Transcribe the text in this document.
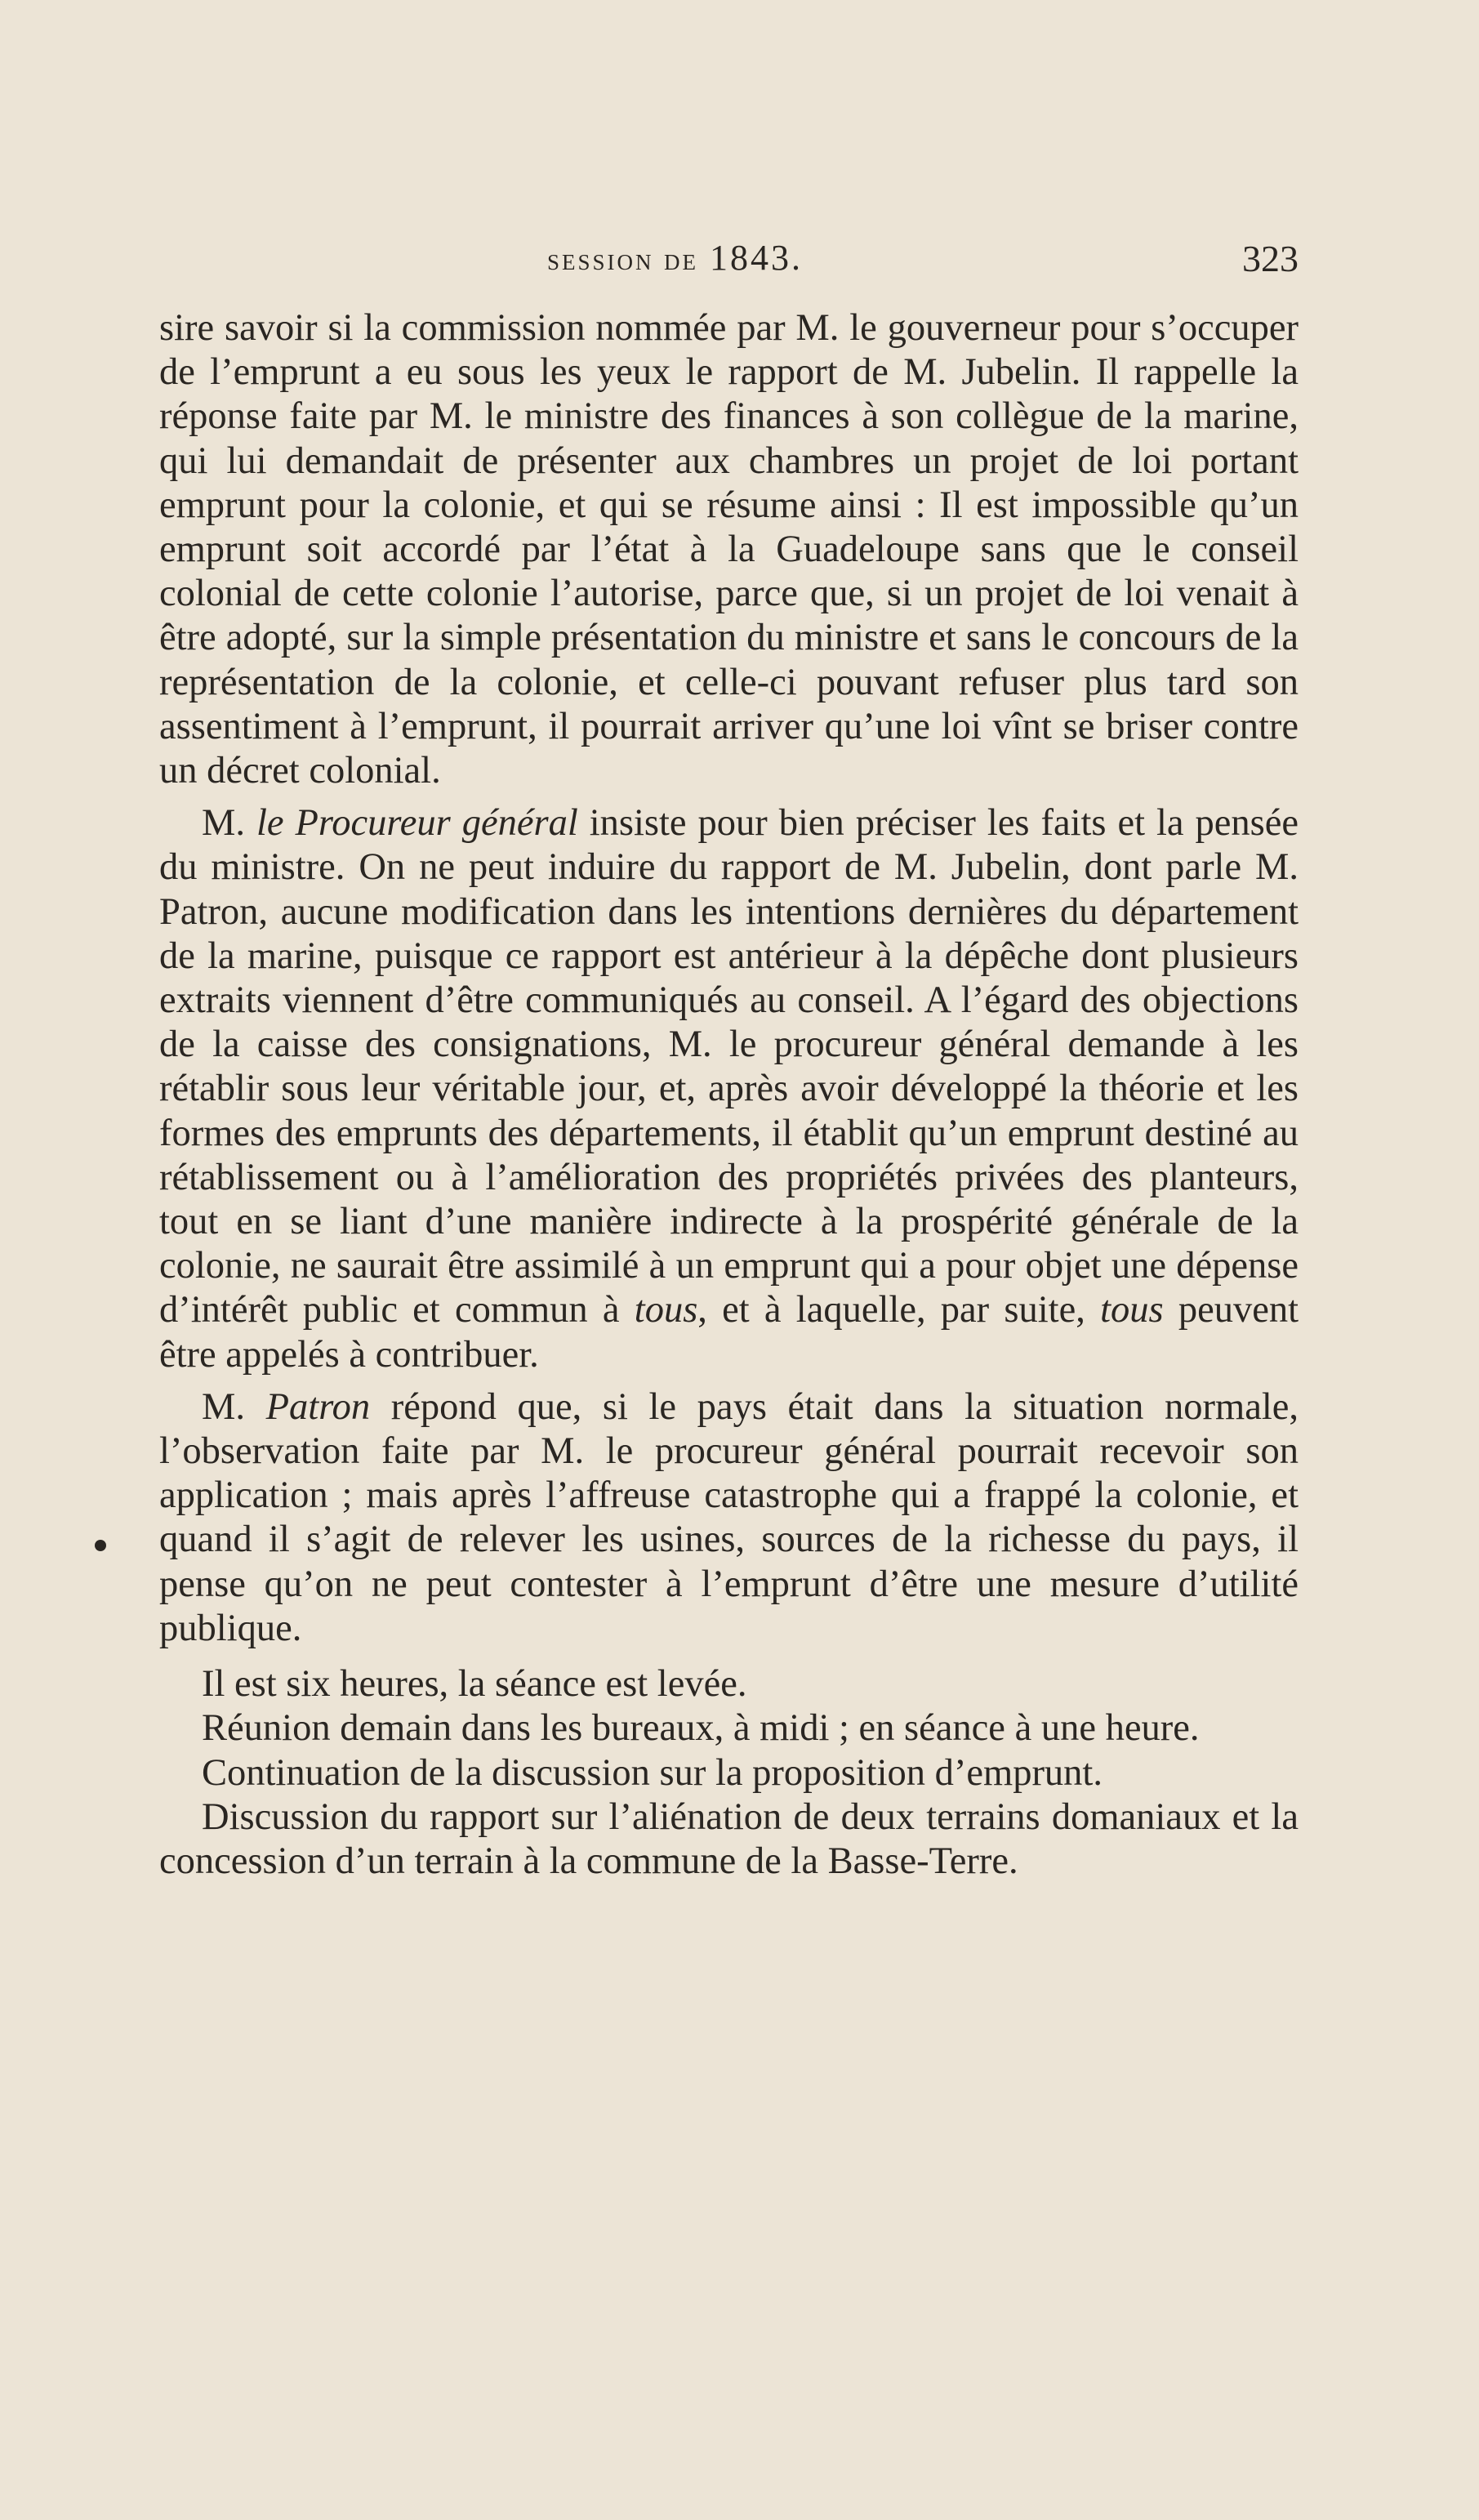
session de 1843.	323

sire savoir si la commission nommée par M. le gouverneur pour s’occuper de l’emprunt a eu sous les yeux le rapport de M. Jubelin. Il rappelle la réponse faite par M. le ministre des finances à son collègue de la marine, qui lui demandait de présenter aux chambres un projet de loi portant emprunt pour la colonie, et qui se résume ainsi : Il est impossible qu’un emprunt soit accordé par l’état à la Guadeloupe sans que le conseil colonial de cette colonie l’autorise, parce que, si un projet de loi venait à être adopté, sur la simple présentation du ministre et sans le concours de la représentation de la colonie, et celle-ci pouvant refuser plus tard son assentiment à l’emprunt, il pourrait arriver qu’une loi vînt se briser contre un décret colonial.

M. le Procureur général insiste pour bien préciser les faits et la pensée du ministre. On ne peut induire du rapport de M. Jubelin, dont parle M. Patron, aucune modification dans les intentions dernières du département de la marine, puisque ce rapport est antérieur à la dépêche dont plusieurs extraits viennent d’être communiqués au conseil. A l’égard des objections de la caisse des consignations, M. le procureur général demande à les rétablir sous leur véritable jour, et, après avoir développé la théorie et les formes des emprunts des départements, il établit qu’un emprunt destiné au rétablissement ou à l’amélioration des propriétés privées des planteurs, tout en se liant d’une manière indirecte à la prospérité générale de la colonie, ne saurait être assimilé à un emprunt qui a pour objet une dépense d’intérêt public et commun à tous, et à laquelle, par suite, tous peuvent être appelés à contribuer.

M. Patron répond que, si le pays était dans la situation normale, l’observation faite par M. le procureur général pourrait recevoir son application ; mais après l’affreuse catastrophe qui a frappé la colonie, et quand il s’agit de relever les usines, sources de la richesse du pays, il pense qu’on ne peut contester à l’emprunt d’être une mesure d’utilité publique.

Il est six heures, la séance est levée.

Réunion demain dans les bureaux, à midi ; en séance à une heure.

Continuation de la discussion sur la proposition d’emprunt.

Discussion du rapport sur l’aliénation de deux terrains domaniaux et la concession d’un terrain à la commune de la Basse-Terre.
